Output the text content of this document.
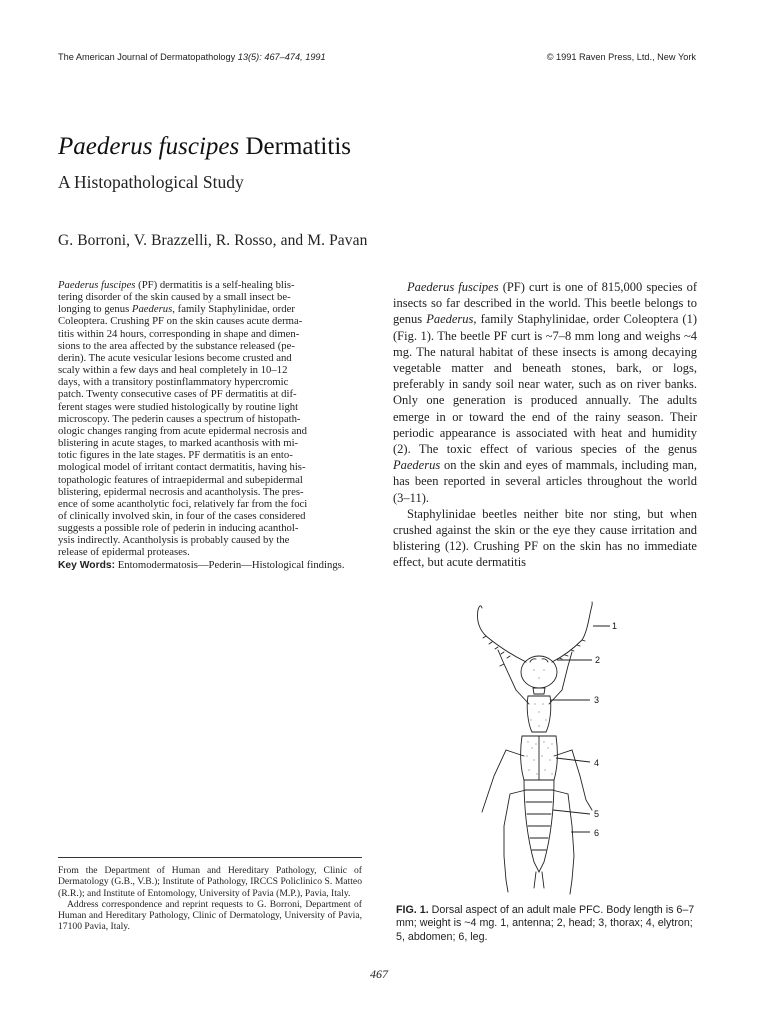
The American Journal of Dermatopathology 13(5): 467–474, 1991	© 1991 Raven Press, Ltd., New York
Paederus fuscipes Dermatitis
A Histopathological Study
G. Borroni, V. Brazzelli, R. Rosso, and M. Pavan
Paederus fuscipes (PF) dermatitis is a self-healing blis-
tering disorder of the skin caused by a small insect be-
longing to genus Paederus, family Staphylinidae, order
Coleoptera. Crushing PF on the skin causes acute derma-
titis within 24 hours, corresponding in shape and dimen-
sions to the area affected by the substance released (pe-
derin). The acute vesicular lesions become crusted and
scaly within a few days and heal completely in 10–12
days, with a transitory postinflammatory hypercromic
patch. Twenty consecutive cases of PF dermatitis at dif-
ferent stages were studied histologically by routine light
microscopy. The pederin causes a spectrum of histopath-
ologic changes ranging from acute epidermal necrosis and
blistering in acute stages, to marked acanthosis with mi-
totic figures in the late stages. PF dermatitis is an ento-
mological model of irritant contact dermatitis, having his-
topathologic features of intraepidermal and subepidermal
blistering, epidermal necrosis and acantholysis. The pres-
ence of some acantholytic foci, relatively far from the foci
of clinically involved skin, in four of the cases considered
suggests a possible role of pederin in inducing acanthol-
ysis indirectly. Acantholysis is probably caused by the
release of epidermal proteases.
Key Words: Entomodermatosis—Pederin—Histological findings.

Paederus fuscipes (PF) curt is one of 815,000 species of insects so far described in the world. This beetle belongs to genus Paederus, family Staphylinidae, order Coleoptera (1) (Fig. 1). The beetle PF curt is ~7–8 mm long and weighs ~4 mg. The natural habitat of these insects is among decaying vegetable matter and beneath stones, bark, or logs, preferably in sandy soil near water, such as on river banks. Only one generation is produced annually. The adults emerge in or toward the end of the rainy season. Their periodic appearance is associated with heat and humidity (2). The toxic effect of various species of the genus Paederus on the skin and eyes of mammals, including man, has been reported in several articles throughout the world (3–11).

Staphylinidae beetles neither bite nor sting, but when crushed against the skin or the eye they cause irritation and blistering (12). Crushing PF on the skin has no immediate effect, but acute dermatitis

From the Department of Human and Hereditary Pathology, Clinic of Dermatology (G.B., V.B.); Institute of Pathology, IRCCS Policlinico S. Matteo (R.R.); and Institute of Entomology, University of Pavia (M.P.), Pavia, Italy.

Address correspondence and reprint requests to G. Borroni, Department of Human and Hereditary Pathology, Clinic of Dermatology, University of Pavia, 17100 Pavia, Italy.

1
2
3
4
5
6
FIG. 1. Dorsal aspect of an adult male PFC. Body length is 6–7 mm; weight is ~4 mg. 1, antenna; 2, head; 3, thorax; 4, elytron; 5, abdomen; 6, leg.
467
